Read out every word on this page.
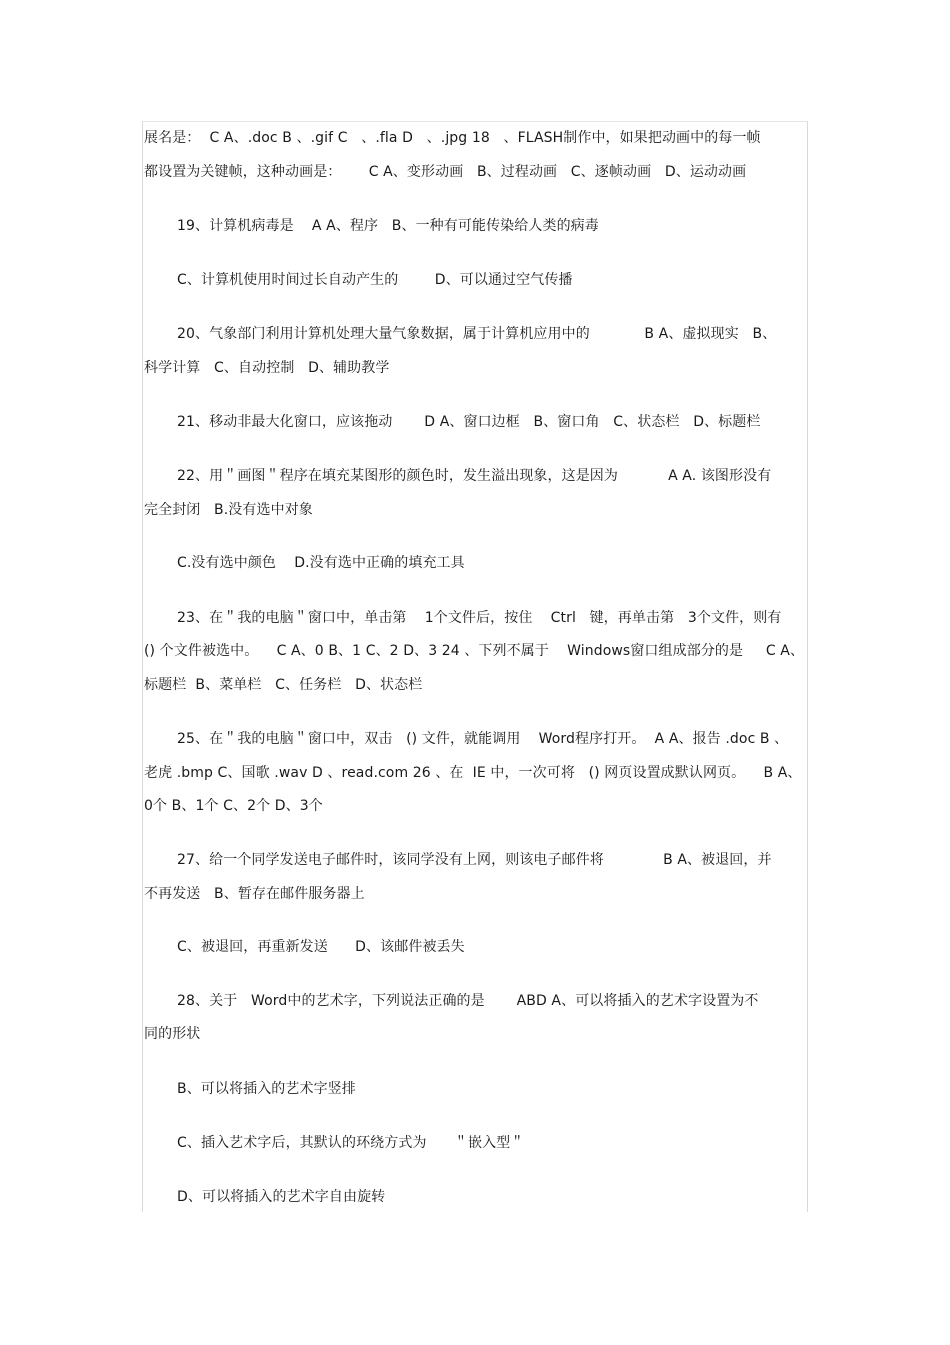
展名是：  C A、.doc B 、.gif C   、.fla D   、.jpg 18   、FLASH制作中，如果把动画中的每一帧
都设置为关键帧，这种动画是：      C A、变形动画   B、过程动画   C、逐帧动画   D、运动动画
19、计算机病毒是    A A、程序   B、一种有可能传染给人类的病毒
C、计算机使用时间过长自动产生的        D、可以通过空气传播
20、气象部门利用计算机处理大量气象数据，属于计算机应用中的            B A、虚拟现实   B、
科学计算   C、自动控制   D、辅助教学
21、移动非最大化窗口，应该拖动       D A、窗口边框   B、窗口角   C、状态栏   D、标题栏
22、用＂画图＂程序在填充某图形的颜色时，发生溢出现象，这是因为           A A. 该图形没有
完全封闭   B.没有选中对象
C.没有选中颜色    D.没有选中正确的填充工具
23、在＂我的电脑＂窗口中，单击第    1个文件后，按住    Ctrl   键，再单击第   3个文件，则有
() 个文件被选中。    C A、0 B、1 C、2 D、3 24 、下列不属于    Windows窗口组成部分的是     C A、
标题栏  B、菜单栏   C、任务栏   D、状态栏
25、在＂我的电脑＂窗口中，双击   () 文件，就能调用    Word程序打开。  A A、报告 .doc B 、
老虎 .bmp C、国歌 .wav D 、read.com 26 、在  IE 中，一次可将   () 网页设置成默认网页。    B A、
0个 B、1个 C、2个 D、3个
27、给一个同学发送电子邮件时，该同学没有上网，则该电子邮件将             B A、被退回，并
不再发送   B、暂存在邮件服务器上
C、被退回，再重新发送      D、该邮件被丢失
28、关于   Word中的艺术字，下列说法正确的是       ABD A、可以将插入的艺术字设置为不
同的形状
B、可以将插入的艺术字竖排
C、插入艺术字后，其默认的环绕方式为      ＂嵌入型＂
D、可以将插入的艺术字自由旋转
